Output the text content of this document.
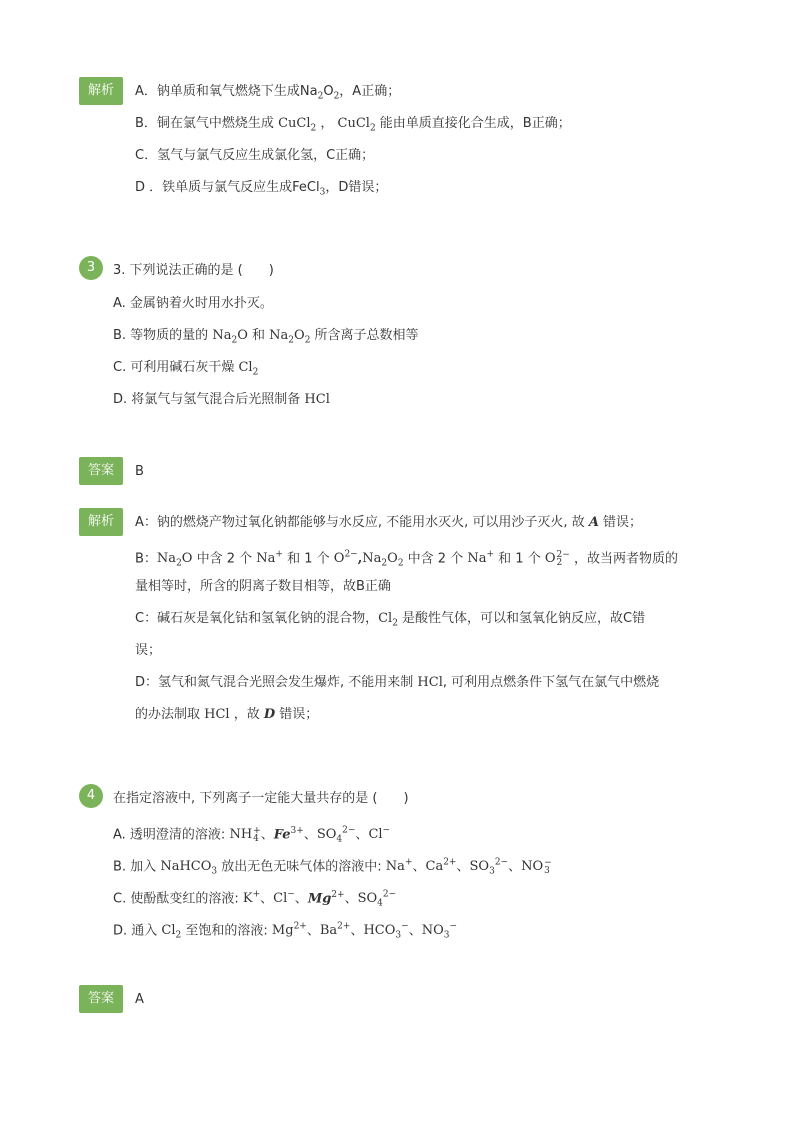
解析	A．钠单质和氧气燃烧下生成$Na_2O_2$，A正确；
B．铜在氯气中燃烧生成 CuCl$_2$ ， CuCl$_2$ 能由单质直接化合生成，B正确；
C．氢气与氯气反应生成氯化氢，C正确；
D ．铁单质与氯气反应生成FeCl$_3$，D错误；
3	3. 下列说法正确的是 (　　)
A. 金属钠着火时用水扑灭。
B. 等物质的量的 $Na_2O$ 和 $Na_2O_2$ 所含离子总数相等
C. 可利用碱石灰干燥 $Cl_2$
D. 将氯气与氢气混合后光照制备 HCl
答案	B
解析	A：钠的燃烧产物过氧化钠都能够与水反应, 不能用水灭火, 可以用沙子灭火, 故 A 错误；
B：$Na_2O$ 中含 2 个 Na+ 和 1 个 $O^{2-},Na_2O_2$ 中含 2 个 Na+ 和 1 个 O 2−
2 ，故当两者物质的
量相等时，所含的阴离子数目相等，故B正确
C：碱石灰是氧化钴和氢氧化钠的混合物，$Cl_2$ 是酸性气体，可以和氢氧化钠反应，故C错
误；
D：氢气和氮气混合光照会发生爆炸, 不能用来制 HCl, 可利用点燃条件下氢气在氯气中燃烧
的办法制取 HCl ，故 D 错误；
4	在指定溶液中, 下列离子一定能大量共存的是 (　　)
A. 透明澄清的溶液: NH +
4 、$Fe^{3+}$、$SO_4^{2-}$、Cl−
B. 加入 NaHCO$_3$ 放出无色无味气体的溶液中: Na+、$Ca^{2+}$、$SO_3^{2-}$、NO −
3
C. 使酚酞变红的溶液: K+、Cl−、$Mg^{2+}$、$SO_4^{2-}$
D. 通入 $Cl_2$ 至饱和的溶液: $Mg^{2+}$、$Ba^{2+}$、$HCO_3^-$、$NO_3^-$
答案	A
